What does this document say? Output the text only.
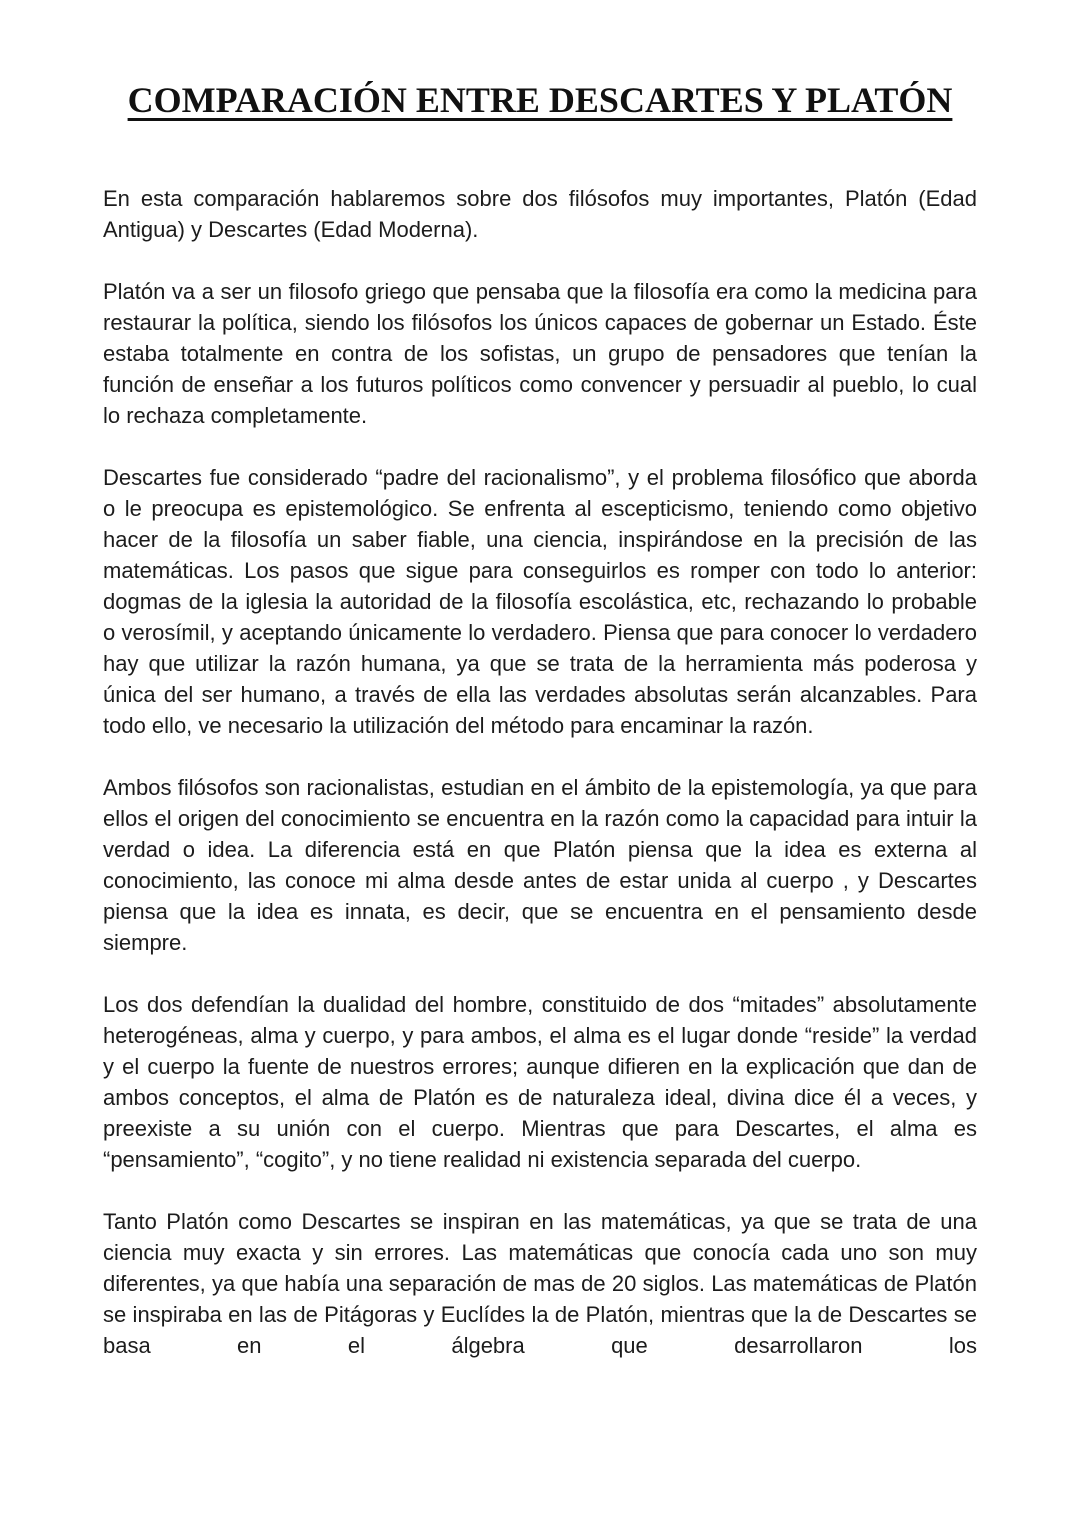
COMPARACIÓN ENTRE DESCARTES Y PLATÓN

En esta comparación hablaremos sobre dos filósofos muy importantes, Platón (Edad Antigua) y Descartes (Edad Moderna).

Platón va a ser un filosofo griego que pensaba que la filosofía era como la medicina para restaurar la política, siendo los filósofos los únicos capaces de gobernar un Estado. Éste estaba totalmente en contra de los sofistas, un grupo de pensadores que tenían la función de enseñar a los futuros políticos como convencer y persuadir al pueblo, lo cual lo rechaza completamente.

Descartes fue considerado “padre del racionalismo”, y el problema filosófico que aborda o le preocupa es epistemológico. Se enfrenta al escepticismo, teniendo como objetivo hacer de la filosofía un saber fiable, una ciencia, inspirándose en la precisión de las matemáticas. Los pasos que sigue para conseguirlos es romper con todo lo anterior: dogmas de la iglesia la autoridad de la filosofía escolástica, etc, rechazando lo probable o verosímil, y aceptando únicamente lo verdadero. Piensa que para conocer lo verdadero hay que utilizar la razón humana, ya que se trata de la herramienta más poderosa y única del ser humano, a través de ella las verdades absolutas serán alcanzables. Para todo ello, ve necesario la utilización del método para encaminar la razón.

Ambos filósofos son racionalistas, estudian en el ámbito de la epistemología, ya que para ellos el origen del conocimiento se encuentra en la razón como la capacidad para intuir la verdad o idea. La diferencia está en que Platón piensa que la idea es externa al conocimiento, las conoce mi alma desde antes de estar unida al cuerpo , y Descartes piensa que la idea es innata, es decir, que se encuentra en el pensamiento desde siempre.

Los dos defendían la dualidad del hombre, constituido de dos “mitades” absolutamente heterogéneas, alma y cuerpo, y para ambos, el alma es el lugar donde “reside” la verdad y el cuerpo la fuente de nuestros errores; aunque difieren en la explicación que dan de ambos conceptos, el alma de Platón es de naturaleza ideal, divina dice él a veces, y preexiste a su unión con el cuerpo. Mientras que para Descartes, el alma es “pensamiento”, “cogito”, y no tiene realidad ni existencia separada del cuerpo.

Tanto Platón como Descartes se inspiran en las matemáticas, ya que se trata de una ciencia muy exacta y sin errores. Las matemáticas que conocía cada uno son muy diferentes, ya que había una separación de mas de 20 siglos. Las matemáticas de Platón se inspiraba en las de Pitágoras y Euclídes la de Platón, mientras que la de Descartes se basa en el álgebra que desarrollaron los
